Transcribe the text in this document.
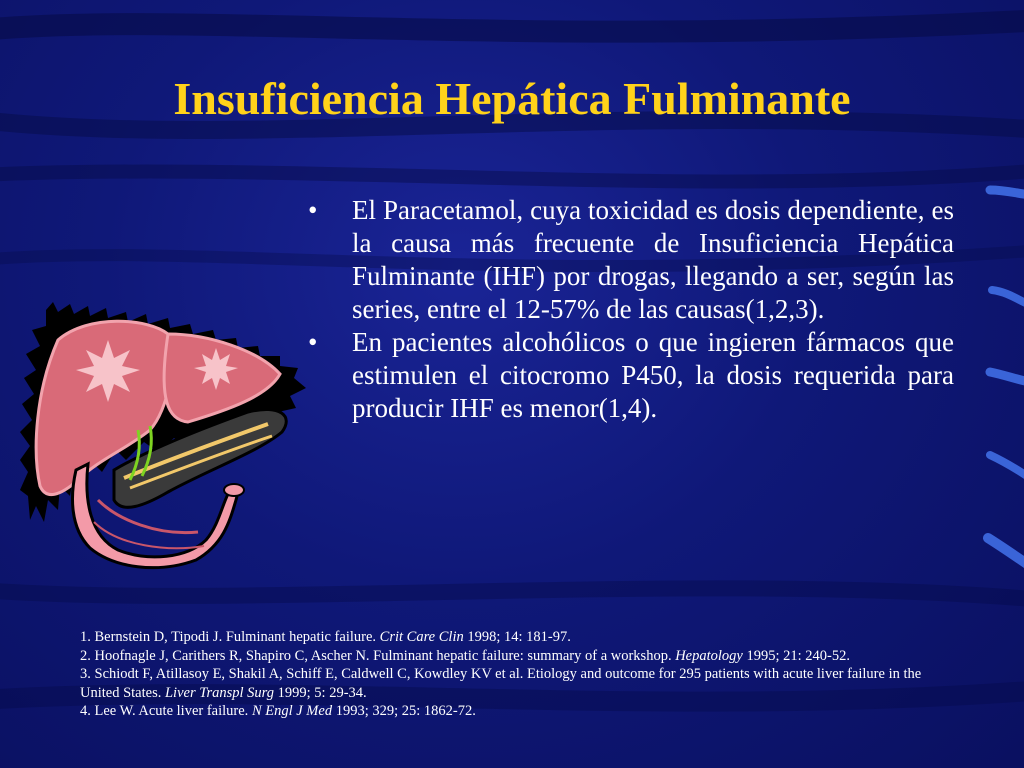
Insuficiencia Hepática Fulminante
•	El Paracetamol, cuya toxicidad es dosis dependiente, es la causa más frecuente de Insuficiencia Hepática Fulminante (IHF) por drogas, llegando a ser, según las series, entre el 12-57% de las causas(1,2,3).
•	En pacientes alcohólicos o que ingieren fármacos que estimulen el citocromo P450, la dosis requerida para producir IHF es menor(1,4).

1. Bernstein D, Tipodi J. Fulminant hepatic failure. Crit Care Clin 1998; 14: 181-97.

2. Hoofnagle J, Carithers R, Shapiro C, Ascher N. Fulminant hepatic failure: summary of a workshop. Hepatology 1995; 21: 240-52.

3. Schiodt F, Atillasoy E, Shakil A, Schiff E, Caldwell C, Kowdley KV et al. Etiology and outcome for 295 patients with acute liver failure in the United States. Liver Transpl Surg 1999; 5: 29-34.

4. Lee W. Acute liver failure. N Engl J Med 1993; 329; 25: 1862-72.
